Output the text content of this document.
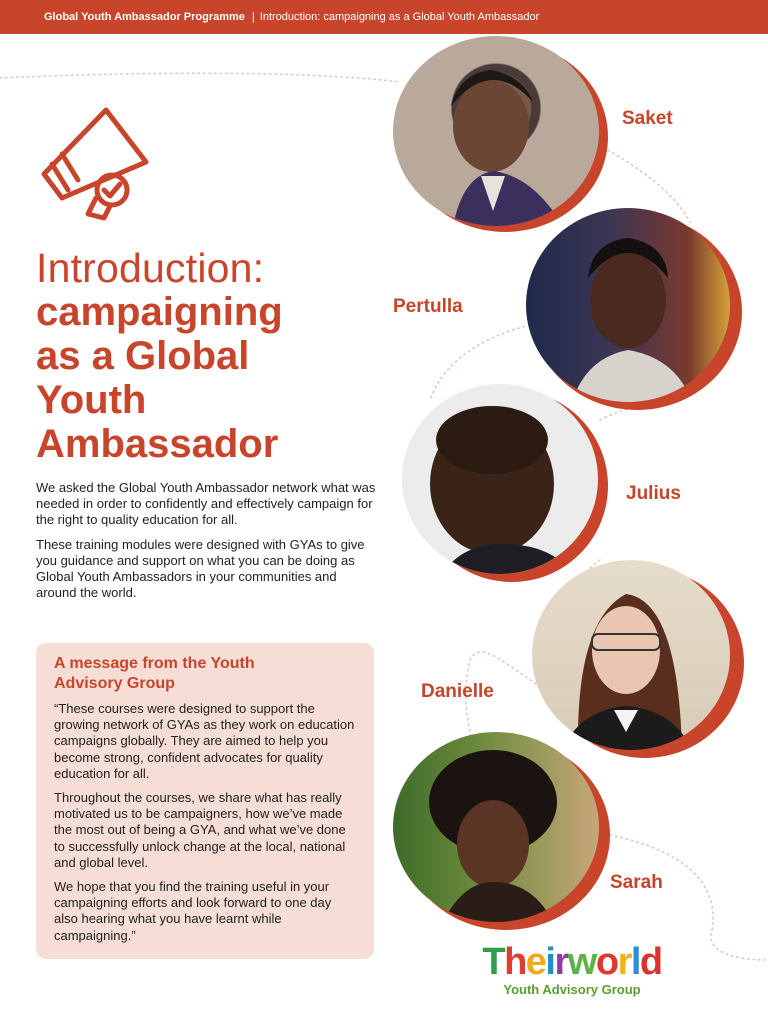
Global Youth Ambassador Programme | Introduction: campaigning as a Global Youth Ambassador
Introduction:
campaigning
as a Global
Youth
Ambassador

We asked the Global Youth Ambassador network what was needed in order to confidently and effectively campaign for the right to quality education for all.

These training modules were designed with GYAs to give you guidance and support on what you can be doing as Global Youth Ambassadors in your communities and around the world.

A message from the Youth Advisory Group

“These courses were designed to support the growing network of GYAs as they work on education campaigns globally. They are aimed to help you become strong, confident advocates for quality education for all.

Throughout the courses, we share what has really motivated us to be campaigners, how we’ve made the most out of being a GYA, and what we’ve done to successfully unlock change at the local, national and global level.

We hope that you find the training useful in your campaigning efforts and look forward to one day also hearing what you have learnt while campaigning.”

Saket
Pertulla
Julius
Danielle
Sarah
Theirworld
Youth Advisory Group
